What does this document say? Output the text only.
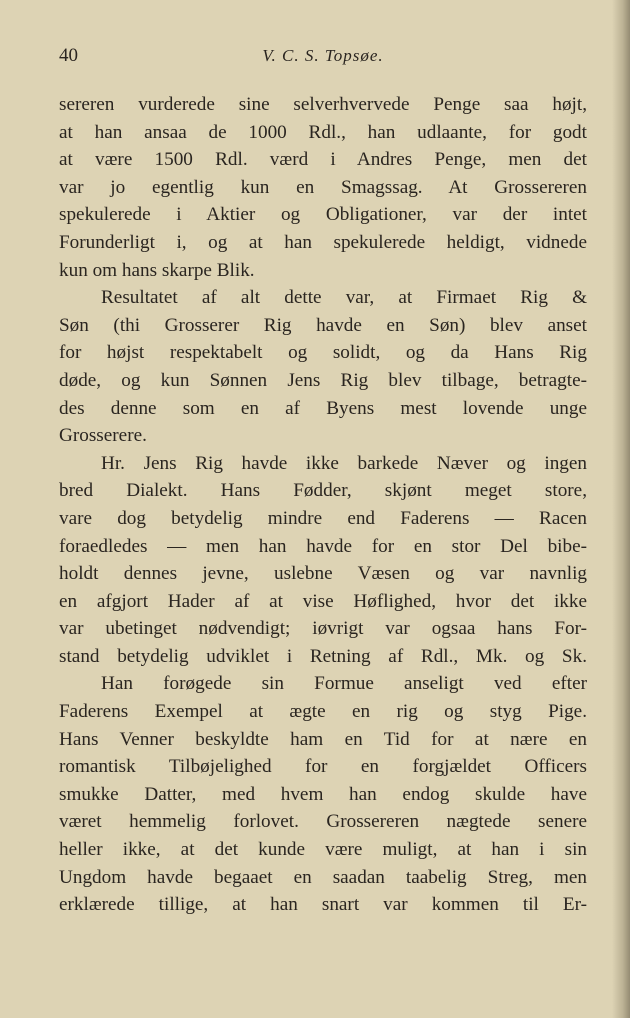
40	V. C. S. Topsøe.
sereren vurderede sine selverhvervede Penge saa højt,
at han ansaa de 1000 Rdl., han udlaante, for godt
at være 1500 Rdl. værd i Andres Penge, men det
var jo egentlig kun en Smagssag. At Grossereren
spekulerede i Aktier og Obligationer, var der intet
Forunderligt i, og at han spekulerede heldigt, vidnede
kun om hans skarpe Blik.
Resultatet af alt dette var, at Firmaet Rig &
Søn (thi Grosserer Rig havde en Søn) blev anset
for højst respektabelt og solidt, og da Hans Rig
døde, og kun Sønnen Jens Rig blev tilbage, betragte-
des denne som en af Byens mest lovende unge
Grosserere.
Hr. Jens Rig havde ikke barkede Næver og ingen
bred Dialekt. Hans Fødder, skjønt meget store,
vare dog betydelig mindre end Faderens — Racen
foraedledes — men han havde for en stor Del bibe-
holdt dennes jevne, uslebne Væsen og var navnlig
en afgjort Hader af at vise Høflighed, hvor det ikke
var ubetinget nødvendigt; iøvrigt var ogsaa hans For-
stand betydelig udviklet i Retning af Rdl., Mk. og Sk.
Han forøgede sin Formue anseligt ved efter
Faderens Exempel at ægte en rig og styg Pige.
Hans Venner beskyldte ham en Tid for at nære en
romantisk Tilbøjelighed for en forgjældet Officers
smukke Datter, med hvem han endog skulde have
været hemmelig forlovet. Grossereren nægtede senere
heller ikke, at det kunde være muligt, at han i sin
Ungdom havde begaaet en saadan taabelig Streg, men
erklærede tillige, at han snart var kommen til Er-
